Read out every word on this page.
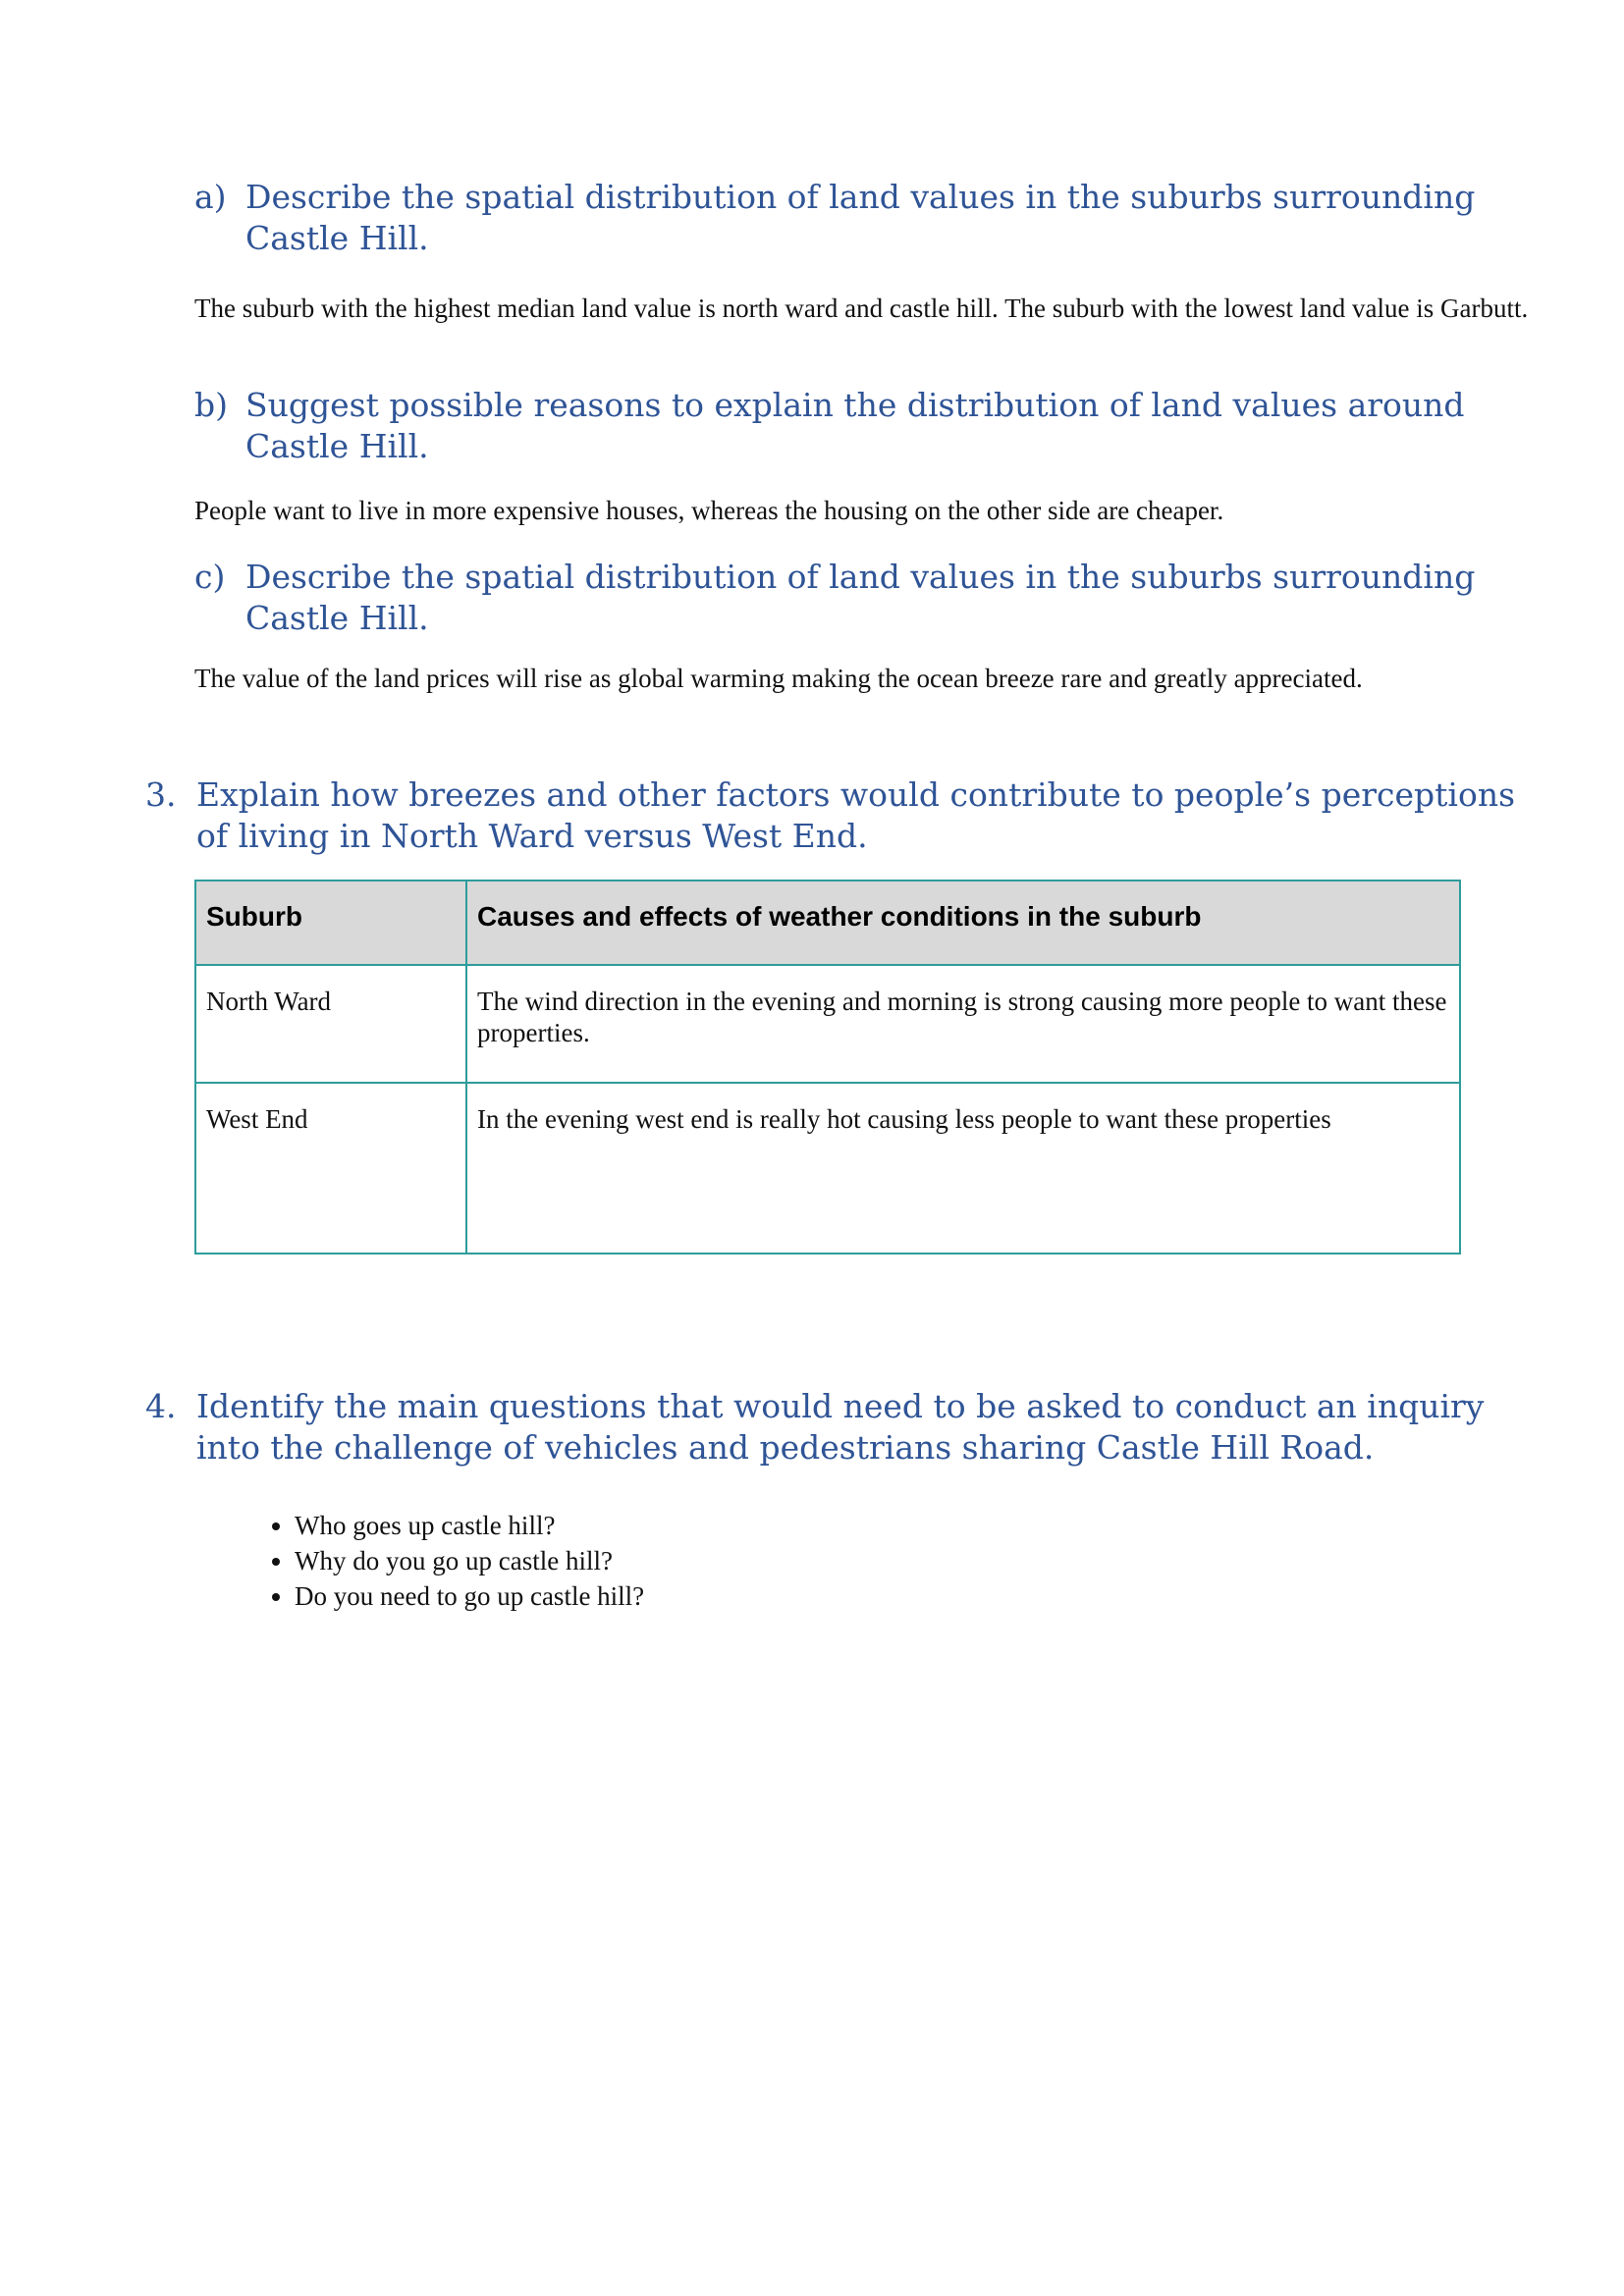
a) Describe the spatial distribution of land values in the suburbs surrounding Castle Hill.
The suburb with the highest median land value is north ward and castle hill. The suburb with the lowest land value is Garbutt.
b) Suggest possible reasons to explain the distribution of land values around Castle Hill.
People want to live in more expensive houses, whereas the housing on the other side are cheaper.
c) Describe the spatial distribution of land values in the suburbs surrounding Castle Hill.
The value of the land prices will rise as global warming making the ocean breeze rare and greatly appreciated.
3. Explain how breezes and other factors would contribute to people’s perceptions of living in North Ward versus West End.
Suburb	Causes and effects of weather conditions in the suburb
North Ward	The wind direction in the evening and morning is strong causing more people to want these properties.
West End	In the evening west end is really hot causing less people to want these properties
4. Identify the main questions that would need to be asked to conduct an inquiry into the challenge of vehicles and pedestrians sharing Castle Hill Road.
• Who goes up castle hill?
• Why do you go up castle hill?
• Do you need to go up castle hill?
